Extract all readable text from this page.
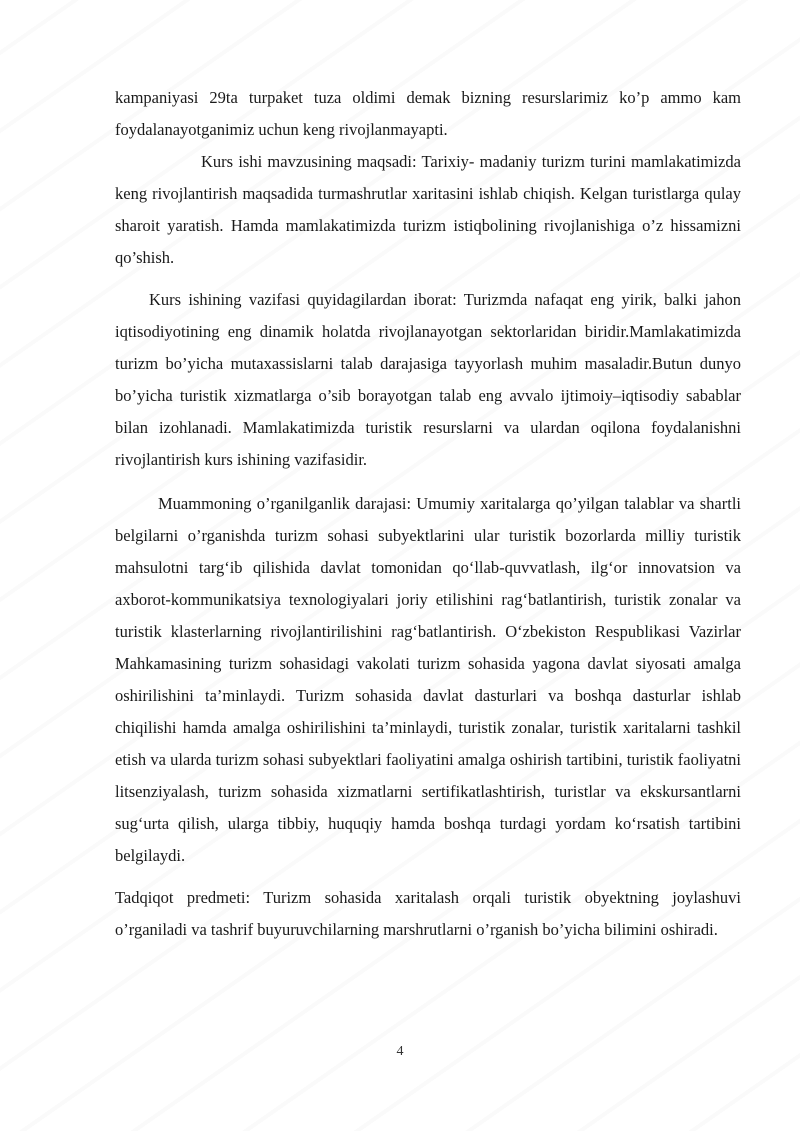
kampaniyasi 29ta turpaket tuza oldimi demak bizning resurslarimiz ko’p ammo kam foydalanayotganimiz uchun keng rivojlanmayapti.

Kurs ishi mavzusining maqsadi: Tarixiy- madaniy turizm turini mamlakatimizda keng rivojlantirish maqsadida turmashrutlar xaritasini ishlab chiqish. Kelgan turistlarga qulay sharoit yaratish. Hamda mamlakatimizda turizm istiqbolining rivojlanishiga o’z hissamizni qo’shish.

Kurs ishining vazifasi quyidagilardan iborat: Turizmda nafaqat eng yirik, balki jahon iqtisodiyotining eng dinamik holatda rivojlanayotgan sektorlaridan biridir.Mamlakatimizda turizm bo’yicha mutaxassislarni talab darajasiga tayyorlash muhim masaladir.Butun dunyo bo’yicha turistik xizmatlarga o’sib borayotgan talab eng avvalo ijtimoiy–iqtisodiy sabablar bilan izohlanadi. Mamlakatimizda turistik resurslarni va ulardan oqilona foydalanishni rivojlantirish kurs ishining vazifasidir.

Muammoning o’rganilganlik darajasi: Umumiy xaritalarga qo’yilgan talablar va shartli belgilarni o’rganishda turizm sohasi subyektlarini ular turistik bozorlarda milliy turistik mahsulotni targ‘ib qilishida davlat tomonidan qo‘llab-quvvatlash, ilg‘or innovatsion va axborot-kommunikatsiya texnologiyalari joriy etilishini rag‘batlantirish, turistik zonalar va turistik klasterlarning rivojlantirilishini rag‘batlantirish. O‘zbekiston Respublikasi Vazirlar Mahkamasining turizm sohasidagi vakolati turizm sohasida yagona davlat siyosati amalga oshirilishini ta’minlaydi. Turizm sohasida davlat dasturlari va boshqa dasturlar ishlab chiqilishi hamda amalga oshirilishini ta’minlaydi, turistik zonalar, turistik xaritalarni tashkil etish va ularda turizm sohasi subyektlari faoliyatini amalga oshirish tartibini, turistik faoliyatni litsenziyalash, turizm sohasida xizmatlarni sertifikatlashtirish, turistlar va ekskursantlarni sug‘urta qilish, ularga tibbiy, huquqiy hamda boshqa turdagi yordam ko‘rsatish tartibini belgilaydi.

Tadqiqot predmeti: Turizm sohasida xaritalash orqali turistik obyektning joylashuvi o’rganiladi va tashrif buyuruvchilarning marshrutlarni o’rganish bo’yicha bilimini oshiradi.

4
